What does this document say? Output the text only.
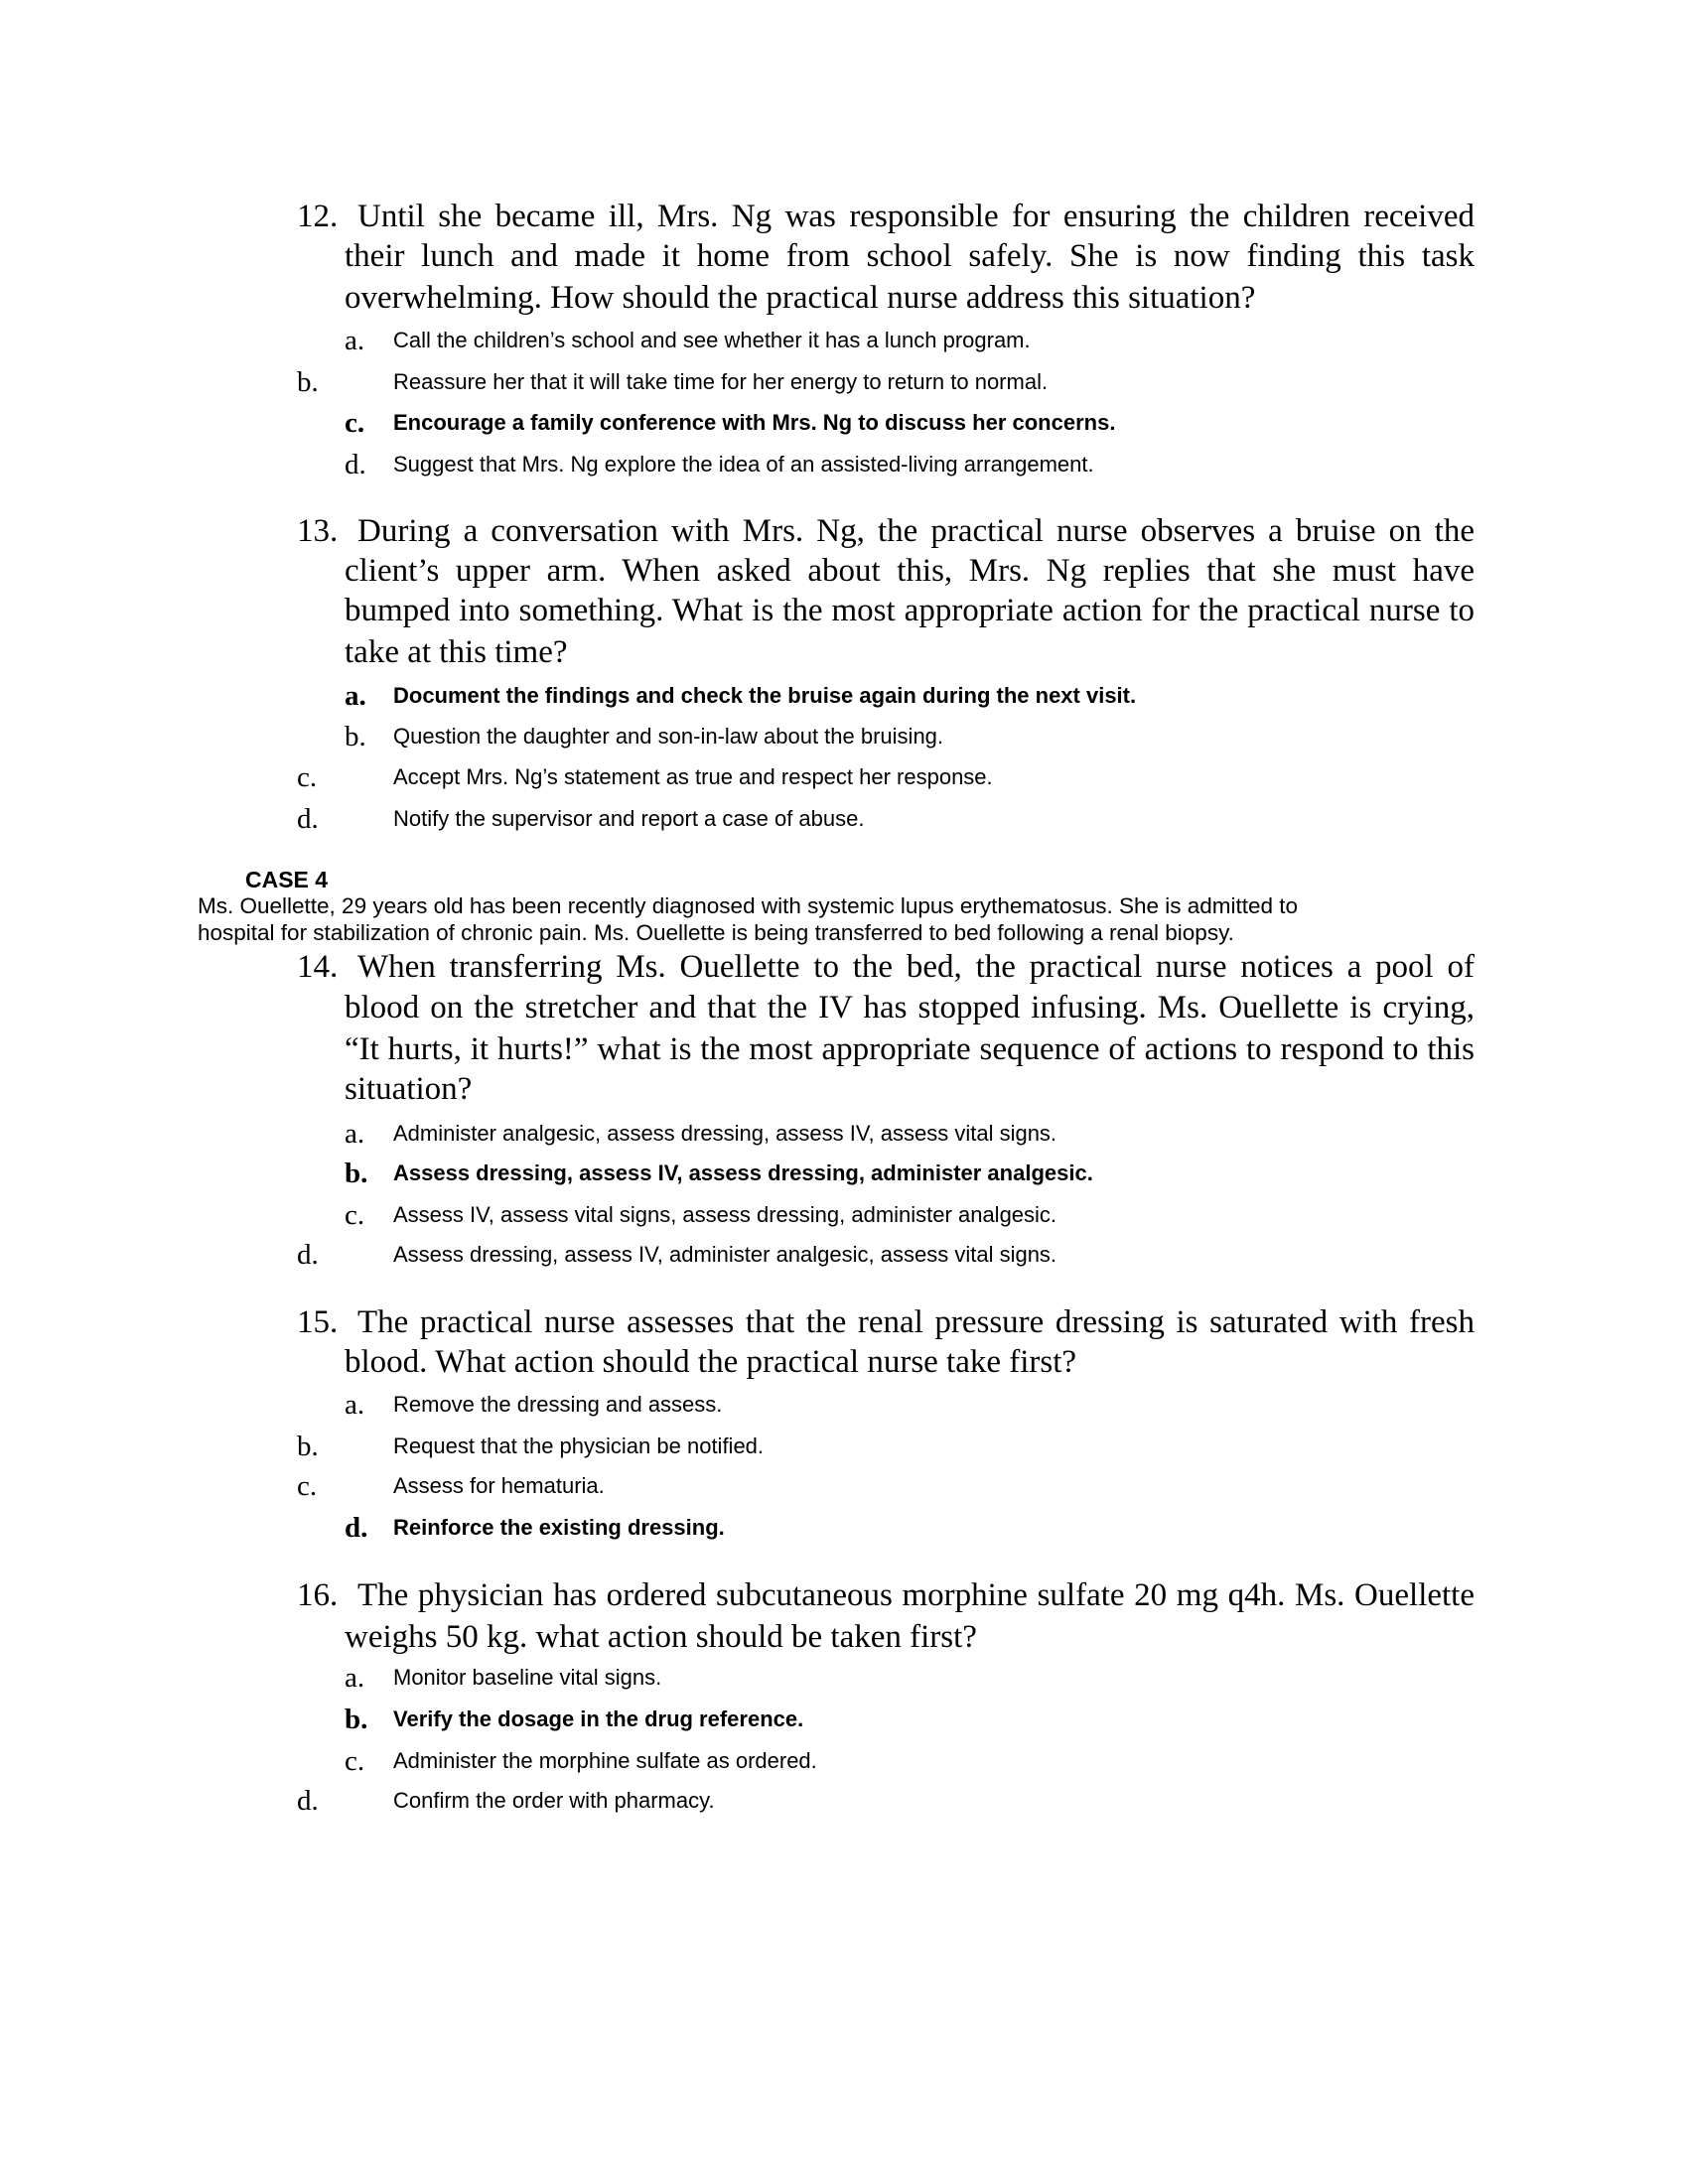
CASE 4
Ms. Ouellette, 29 years old has been recently diagnosed with systemic lupus erythematosus. She is admitted to
hospital for stabilization of chronic pain. Ms. Ouellette is being transferred to bed following a renal biopsy.
12. Until she became ill, Mrs. Ng was responsible for ensuring the children received
their lunch and made it home from school safely. She is now finding this task
overwhelming. How should the practical nurse address this situation?
a. Call the children’s school and see whether it has a lunch program.
b.	Reassure her that it will take time for her energy to return to normal.
c. Encourage a family conference with Mrs. Ng to discuss her concerns.
d. Suggest that Mrs. Ng explore the idea of an assisted-living arrangement.
13. During a conversation with Mrs. Ng, the practical nurse observes a bruise on the
client’s upper arm. When asked about this, Mrs. Ng replies that she must have
bumped into something. What is the most appropriate action for the practical nurse to
take at this time?
a. Document the findings and check the bruise again during the next visit.
b. Question the daughter and son-in-law about the bruising.
c.	Accept Mrs. Ng’s statement as true and respect her response.
d.	Notify the supervisor and report a case of abuse.
14. When transferring Ms. Ouellette to the bed, the practical nurse notices a pool of
blood on the stretcher and that the IV has stopped infusing. Ms. Ouellette is crying,
“It hurts, it hurts!” what is the most appropriate sequence of actions to respond to this
situation?
a. Administer analgesic, assess dressing, assess IV, assess vital signs.
b. Assess dressing, assess IV, assess dressing, administer analgesic.
c. Assess IV, assess vital signs, assess dressing, administer analgesic.
d.	Assess dressing, assess IV, administer analgesic, assess vital signs.
15. The practical nurse assesses that the renal pressure dressing is saturated with fresh
blood. What action should the practical nurse take first?
a. Remove the dressing and assess.
b.	Request that the physician be notified.
c.	Assess for hematuria.
d. Reinforce the existing dressing.
16. The physician has ordered subcutaneous morphine sulfate 20 mg q4h. Ms. Ouellette
weighs 50 kg. what action should be taken first?
a. Monitor baseline vital signs.
b. Verify the dosage in the drug reference.
c. Administer the morphine sulfate as ordered.
d.	Confirm the order with pharmacy.
